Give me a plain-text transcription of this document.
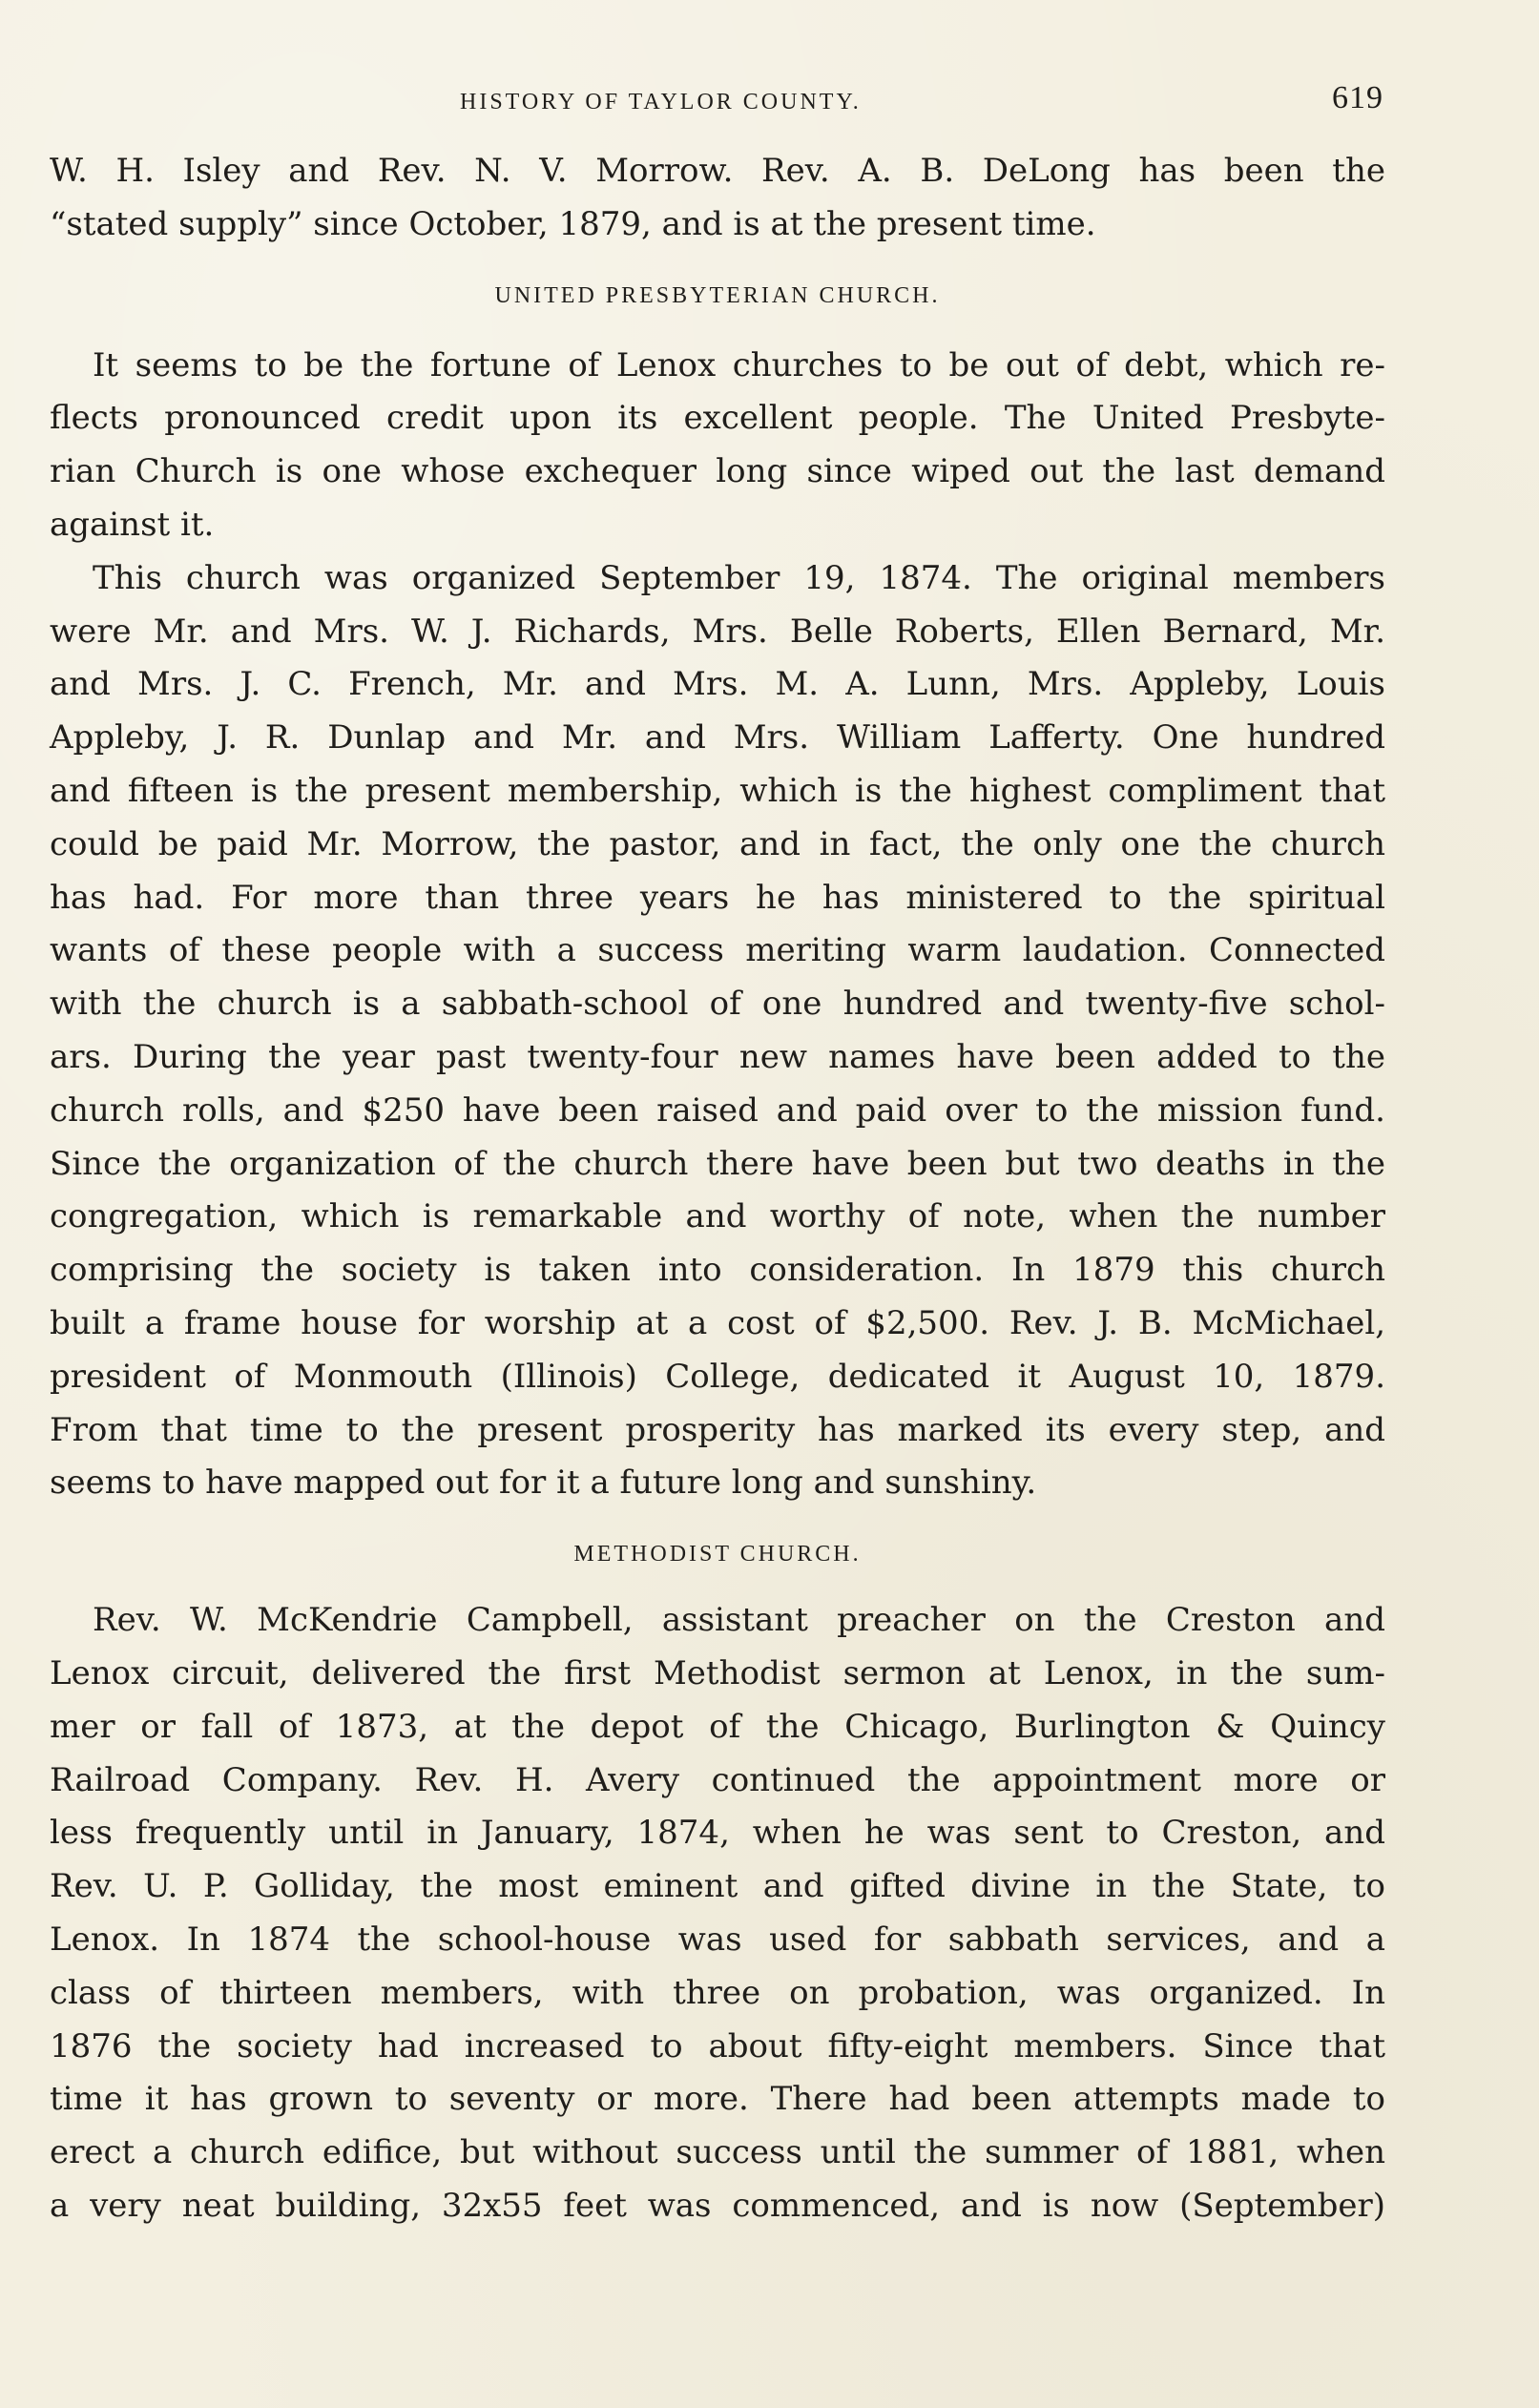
HISTORY OF TAYLOR COUNTY.	619
W. H. Isley and Rev. N. V. Morrow. Rev. A. B. DeLong has been the
“stated supply” since October, 1879, and is at the present time.
UNITED PRESBYTERIAN CHURCH.
It seems to be the fortune of Lenox churches to be out of debt, which re-
flects pronounced credit upon its excellent people. The United Presbyte-
rian Church is one whose exchequer long since wiped out the last demand
against it.
This church was organized September 19, 1874. The original members
were Mr. and Mrs. W. J. Richards, Mrs. Belle Roberts, Ellen Bernard, Mr.
and Mrs. J. C. French, Mr. and Mrs. M. A. Lunn, Mrs. Appleby, Louis
Appleby, J. R. Dunlap and Mr. and Mrs. William Lafferty. One hundred
and fifteen is the present membership, which is the highest compliment that
could be paid Mr. Morrow, the pastor, and in fact, the only one the church
has had. For more than three years he has ministered to the spiritual
wants of these people with a success meriting warm laudation. Connected
with the church is a sabbath-school of one hundred and twenty-five schol-
ars. During the year past twenty-four new names have been added to the
church rolls, and $250 have been raised and paid over to the mission fund.
Since the organization of the church there have been but two deaths in the
congregation, which is remarkable and worthy of note, when the number
comprising the society is taken into consideration. In 1879 this church
built a frame house for worship at a cost of $2,500. Rev. J. B. McMichael,
president of Monmouth (Illinois) College, dedicated it August 10, 1879.
From that time to the present prosperity has marked its every step, and
seems to have mapped out for it a future long and sunshiny.
METHODIST CHURCH.
Rev. W. McKendrie Campbell, assistant preacher on the Creston and
Lenox circuit, delivered the first Methodist sermon at Lenox, in the sum-
mer or fall of 1873, at the depot of the Chicago, Burlington & Quincy
Railroad Company. Rev. H. Avery continued the appointment more or
less frequently until in January, 1874, when he was sent to Creston, and
Rev. U. P. Golliday, the most eminent and gifted divine in the State, to
Lenox. In 1874 the school-house was used for sabbath services, and a
class of thirteen members, with three on probation, was organized. In
1876 the society had increased to about fifty-eight members. Since that
time it has grown to seventy or more. There had been attempts made to
erect a church edifice, but without success until the summer of 1881, when
a very neat building, 32x55 feet was commenced, and is now (September)
